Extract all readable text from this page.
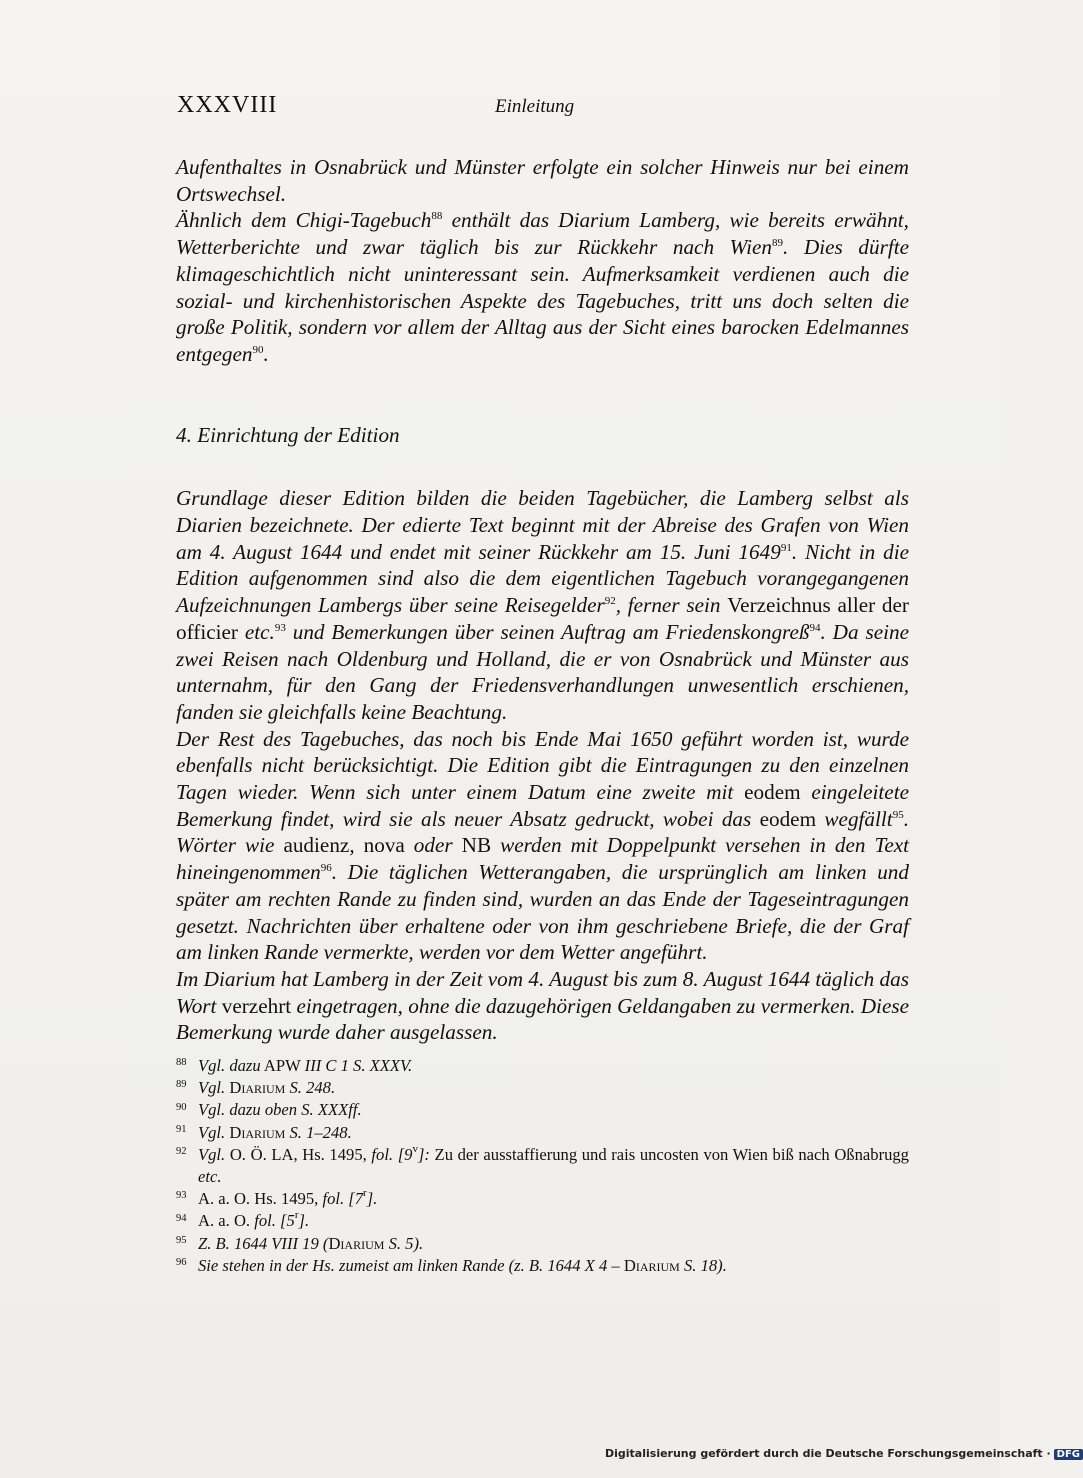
XXXVIII	Einleitung

Aufenthaltes in Osnabrück und Münster erfolgte ein solcher Hinweis nur bei einem Ortswechsel.

Ähnlich dem Chigi-Tagebuch$^{88}$ enthält das Diarium Lamberg, wie bereits erwähnt, Wetterberichte und zwar täglich bis zur Rückkehr nach Wien$^{89}$. Dies dürfte klimageschichtlich nicht uninteressant sein. Aufmerksamkeit verdienen auch die sozial- und kirchenhistorischen Aspekte des Tagebuches, tritt uns doch selten die große Politik, sondern vor allem der Alltag aus der Sicht eines barocken Edelmannes entgegen$^{90}$.

4. Einrichtung der Edition

Grundlage dieser Edition bilden die beiden Tagebücher, die Lamberg selbst als Diarien bezeichnete. Der edierte Text beginnt mit der Abreise des Grafen von Wien am 4. August 1644 und endet mit seiner Rückkehr am 15. Juni 1649$^{91}$. Nicht in die Edition aufgenommen sind also die dem eigentlichen Tagebuch vorangegangenen Aufzeichnungen Lambergs über seine Reisegelder$^{92}$, ferner sein Verzeichnus aller der officier etc.$^{93}$ und Bemerkungen über seinen Auftrag am Friedenskongreß$^{94}$. Da seine zwei Reisen nach Oldenburg und Holland, die er von Osnabrück und Münster aus unternahm, für den Gang der Friedensverhandlungen unwesentlich erschienen, fanden sie gleichfalls keine Beachtung.

Der Rest des Tagebuches, das noch bis Ende Mai 1650 geführt worden ist, wurde ebenfalls nicht berücksichtigt. Die Edition gibt die Eintragungen zu den einzelnen Tagen wieder. Wenn sich unter einem Datum eine zweite mit eodem eingeleitete Bemerkung findet, wird sie als neuer Absatz gedruckt, wobei das eodem wegfällt$^{95}$. Wörter wie audienz, nova oder NB werden mit Doppelpunkt versehen in den Text hineingenommen$^{96}$. Die täglichen Wetterangaben, die ursprünglich am linken und später am rechten Rande zu finden sind, wurden an das Ende der Tageseintragungen gesetzt. Nachrichten über erhaltene oder von ihm geschriebene Briefe, die der Graf am linken Rande vermerkte, werden vor dem Wetter angeführt.

Im Diarium hat Lamberg in der Zeit vom 4. August bis zum 8. August 1644 täglich das Wort verzehrt eingetragen, ohne die dazugehörigen Geldangaben zu vermerken. Diese Bemerkung wurde daher ausgelassen.

88 Vgl. dazu APW III C 1 S. XXXV.

89 Vgl. Diarium S. 248.

90 Vgl. dazu oben S. XXXff.

91 Vgl. Diarium S. 1–248.

92 Vgl. O. Ö. LA, Hs. 1495, fol. [9$^v$]: Zu der ausstaffierung und rais uncosten von Wien biß nach Oßnabrugg etc.

93 A. a. O. Hs. 1495, fol. [7$^r$].

94 A. a. O. fol. [5$^r$].

95 Z. B. 1644 VIII 19 (Diarium S. 5).

96 Sie stehen in der Hs. zumeist am linken Rande (z. B. 1644 X 4 – Diarium S. 18).

Digitalisierung gefördert durch die Deutsche Forschungsgemeinschaft · DFG
